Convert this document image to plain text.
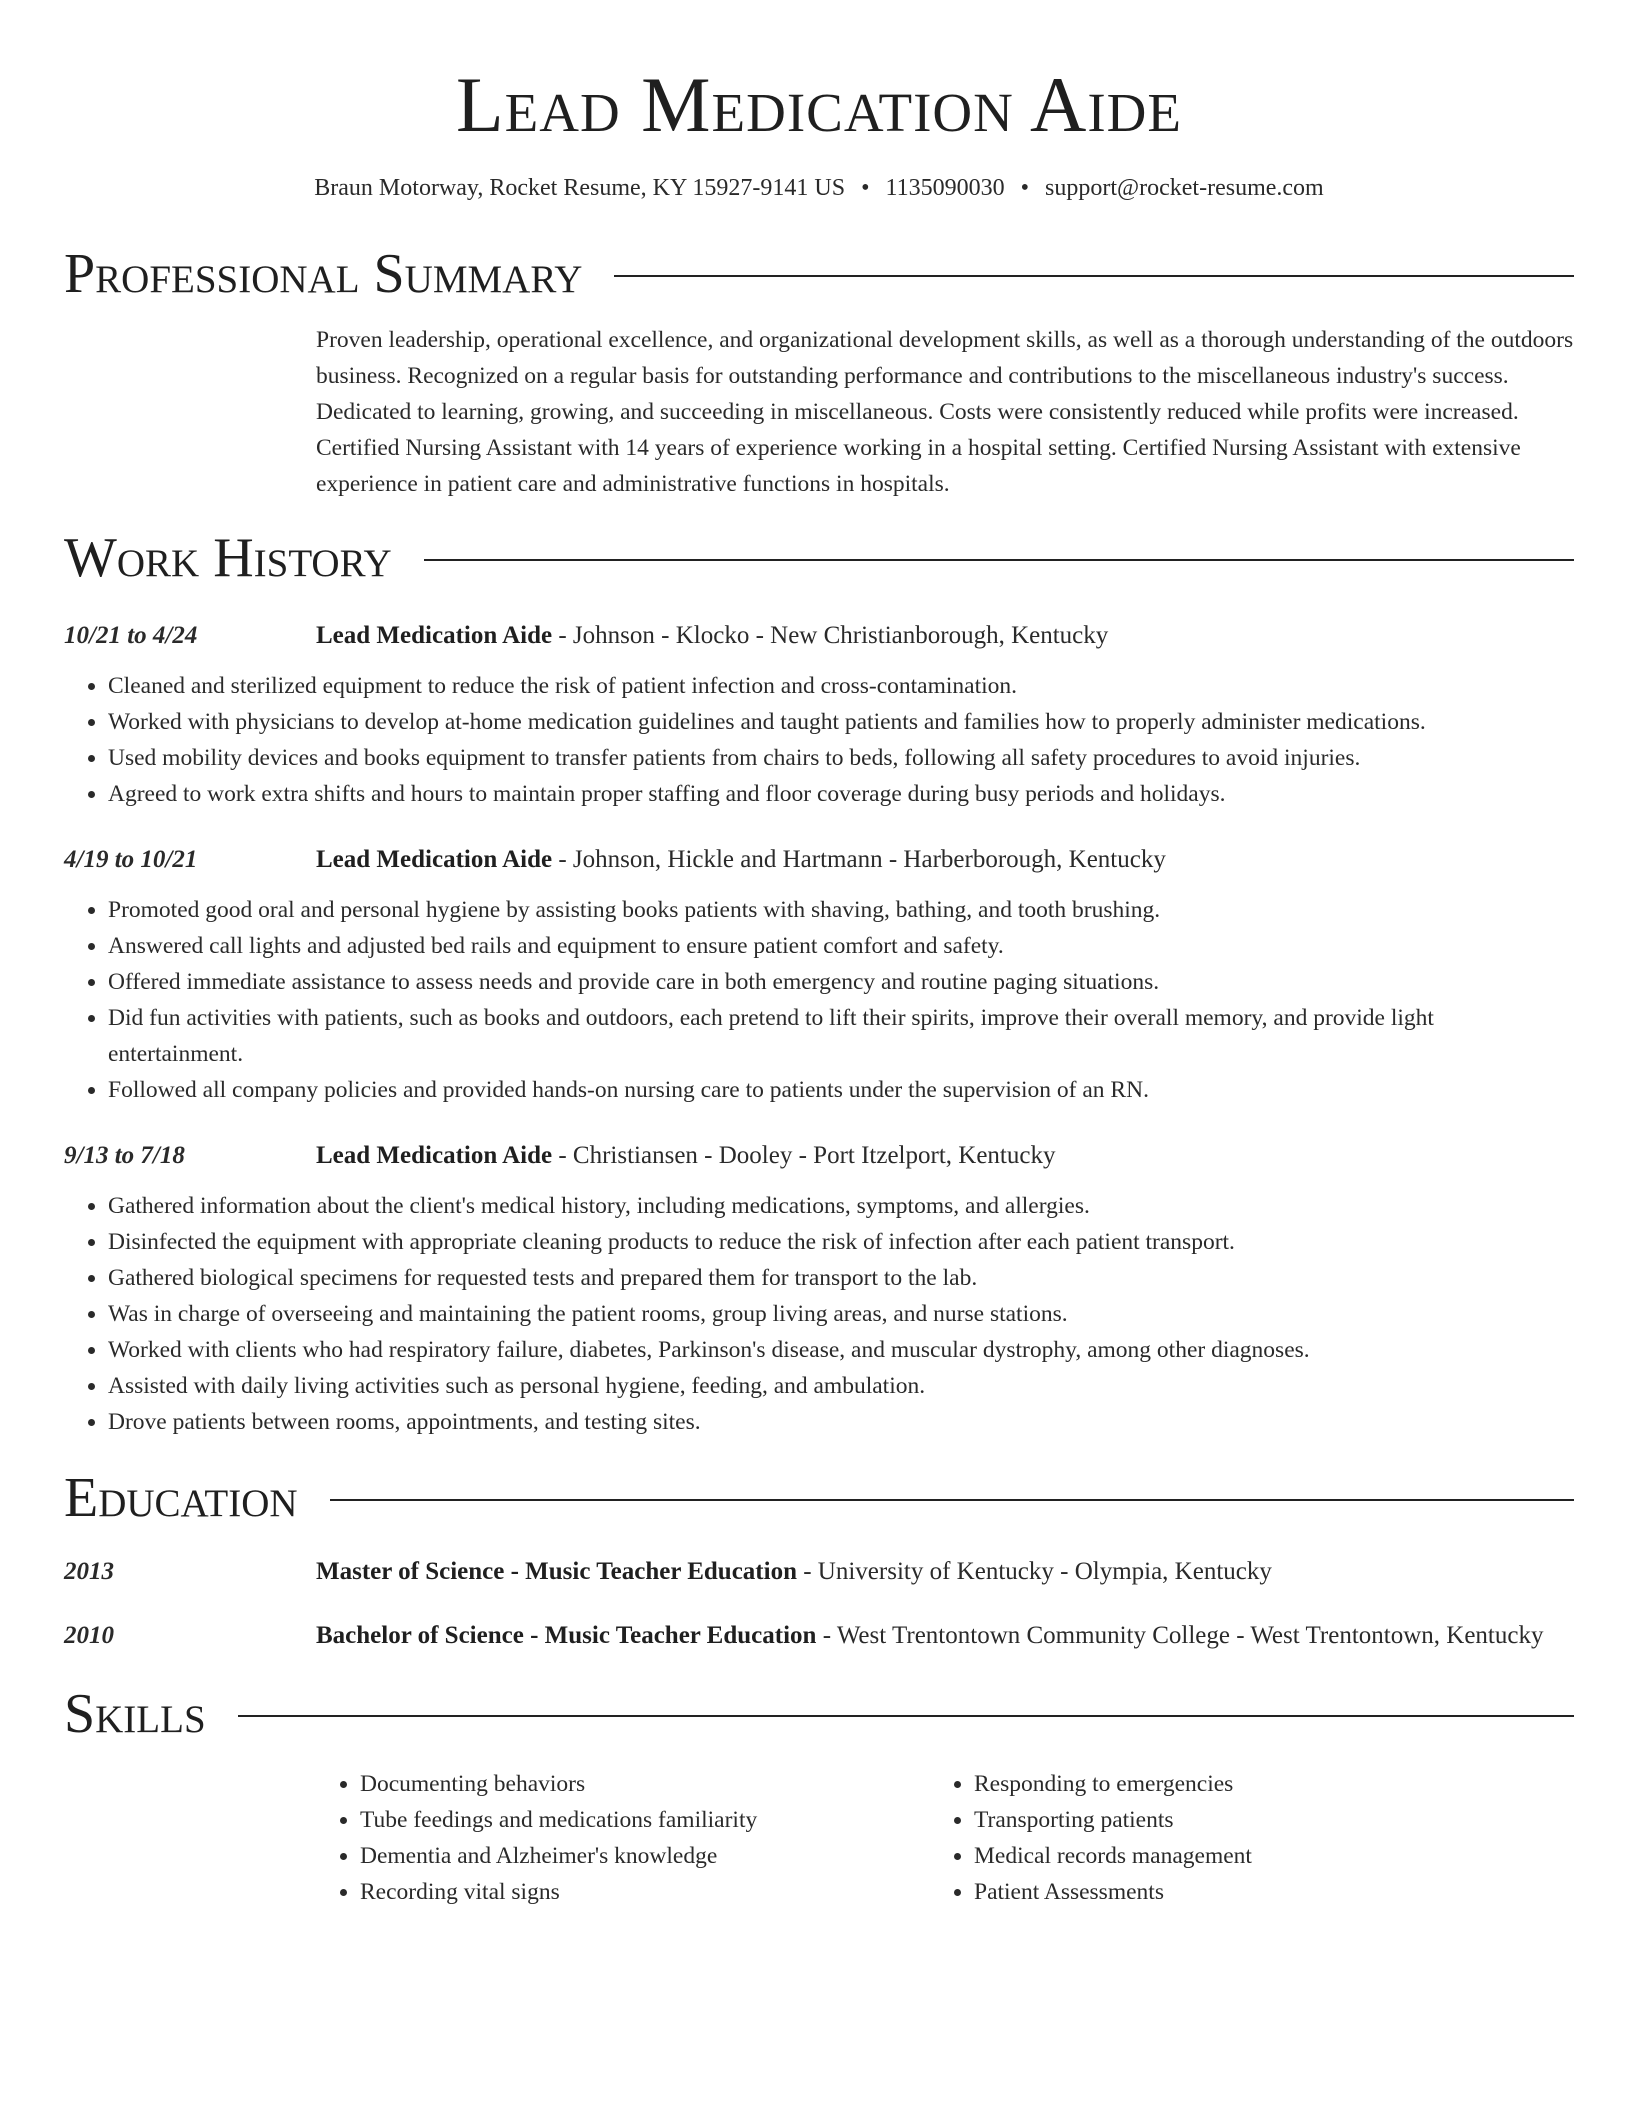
Lead Medication Aide
Braun Motorway, Rocket Resume, KY 15927-9141 US • 1135090030 • support@rocket-resume.com
Professional Summary
Proven leadership, operational excellence, and organizational development skills, as well as a thorough understanding of the outdoors business. Recognized on a regular basis for outstanding performance and contributions to the miscellaneous industry's success. Dedicated to learning, growing, and succeeding in miscellaneous. Costs were consistently reduced while profits were increased. Certified Nursing Assistant with 14 years of experience working in a hospital setting. Certified Nursing Assistant with extensive experience in patient care and administrative functions in hospitals.
Work History
10/21 to 4/24	Lead Medication Aide - Johnson - Klocko - New Christianborough, Kentucky
• Cleaned and sterilized equipment to reduce the risk of patient infection and cross-contamination.
• Worked with physicians to develop at-home medication guidelines and taught patients and families how to properly administer medications.
• Used mobility devices and books equipment to transfer patients from chairs to beds, following all safety procedures to avoid injuries.
• Agreed to work extra shifts and hours to maintain proper staffing and floor coverage during busy periods and holidays.
4/19 to 10/21	Lead Medication Aide - Johnson, Hickle and Hartmann - Harberborough, Kentucky
• Promoted good oral and personal hygiene by assisting books patients with shaving, bathing, and tooth brushing.
• Answered call lights and adjusted bed rails and equipment to ensure patient comfort and safety.
• Offered immediate assistance to assess needs and provide care in both emergency and routine paging situations.
• Did fun activities with patients, such as books and outdoors, each pretend to lift their spirits, improve their overall memory, and provide light entertainment.
• Followed all company policies and provided hands-on nursing care to patients under the supervision of an RN.
9/13 to 7/18	Lead Medication Aide - Christiansen - Dooley - Port Itzelport, Kentucky
• Gathered information about the client's medical history, including medications, symptoms, and allergies.
• Disinfected the equipment with appropriate cleaning products to reduce the risk of infection after each patient transport.
• Gathered biological specimens for requested tests and prepared them for transport to the lab.
• Was in charge of overseeing and maintaining the patient rooms, group living areas, and nurse stations.
• Worked with clients who had respiratory failure, diabetes, Parkinson's disease, and muscular dystrophy, among other diagnoses.
• Assisted with daily living activities such as personal hygiene, feeding, and ambulation.
• Drove patients between rooms, appointments, and testing sites.
Education
2013	Master of Science - Music Teacher Education - University of Kentucky - Olympia, Kentucky
2010	Bachelor of Science - Music Teacher Education - West Trentontown Community College - West Trentontown, Kentucky
Skills
• Documenting behaviors
• Tube feedings and medications familiarity
• Dementia and Alzheimer's knowledge
• Recording vital signs
• Responding to emergencies
• Transporting patients
• Medical records management
• Patient Assessments
